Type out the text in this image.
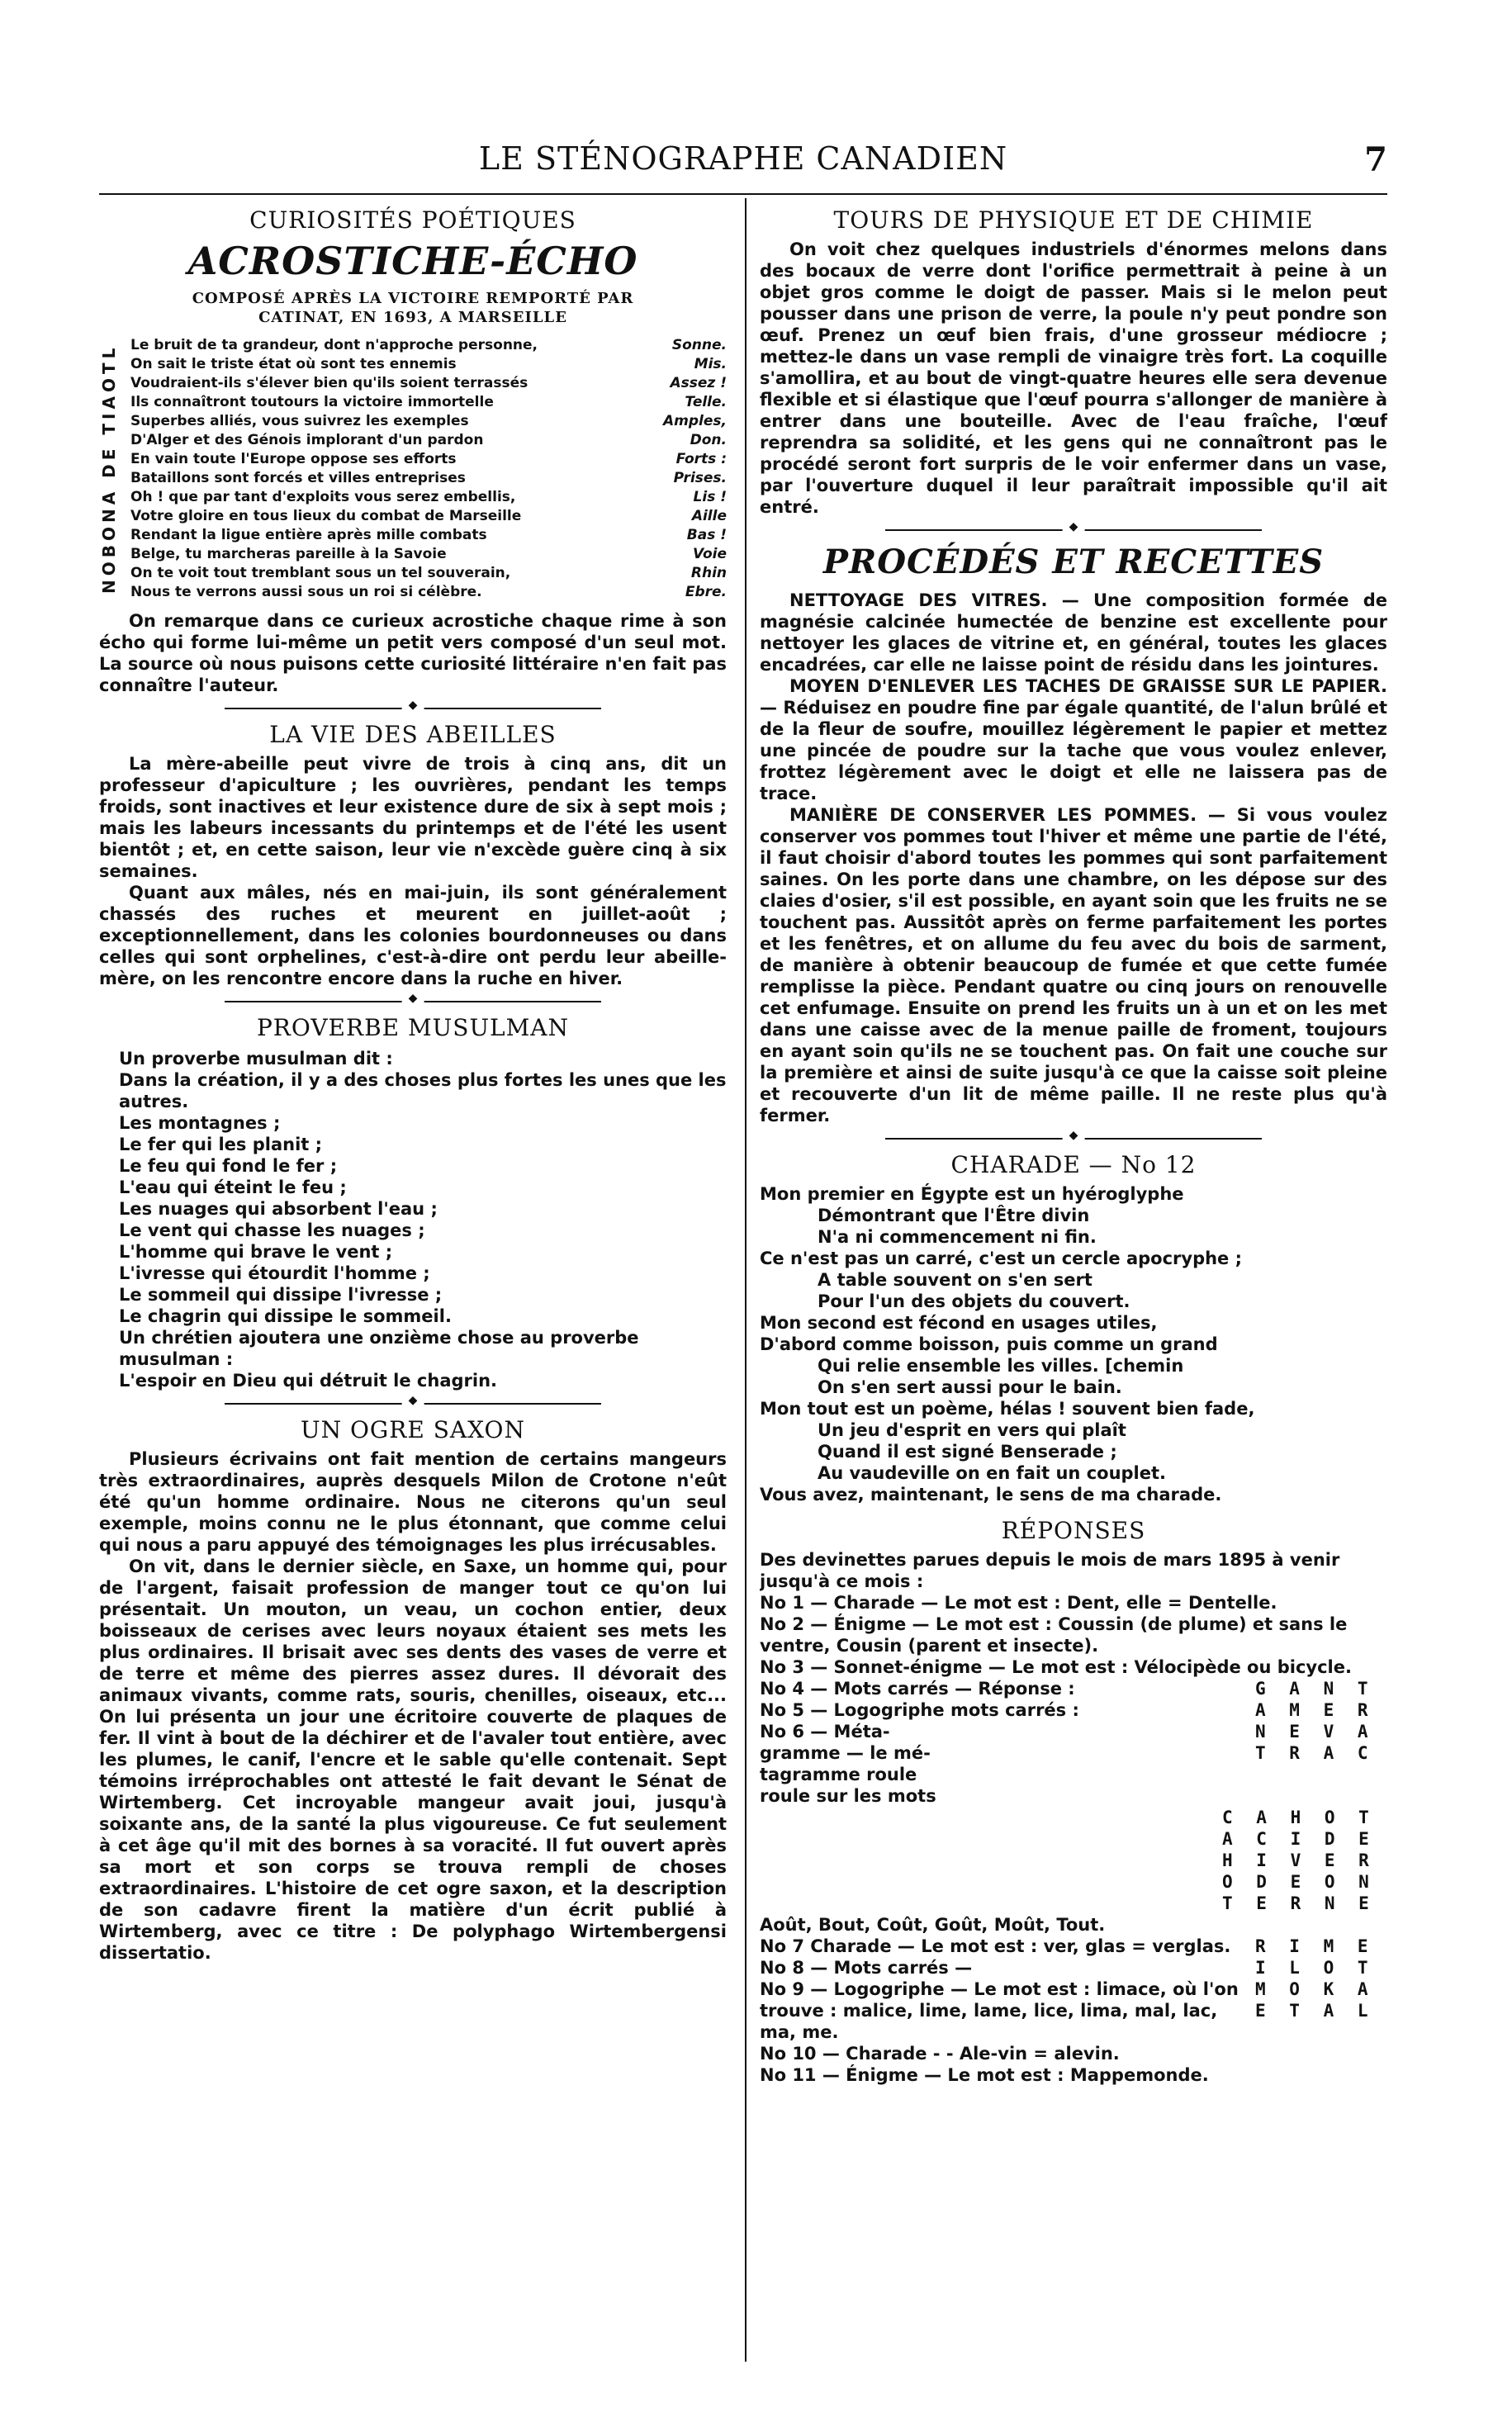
LE STÉNOGRAPHE CANADIEN	7
CURIOSITÉS POÉTIQUES
ACROSTICHE-ÉCHO
COMPOSÉ APRÈS LA VICTOIRE REMPORTÉ PAR
CATINAT, EN 1693, A MARSEILLE
NOBONA DE TIAOTL Le bruit de ta grandeur, dont n'approche personne,	Sonne.
On sait le triste état où sont tes ennemis	Mis.
Voudraient-ils s'élever bien qu'ils soient terrassés	Assez !
Ils connaîtront toutours la victoire immortelle	Telle.
Superbes alliés, vous suivrez les exemples	Amples,
D'Alger et des Génois implorant d'un pardon	Don.
En vain toute l'Europe oppose ses efforts	Forts :
Bataillons sont forcés et villes entreprises	Prises.
Oh ! que par tant d'exploits vous serez embellis,	Lis !
Votre gloire en tous lieux du combat de Marseille	Aille
Rendant la ligue entière après mille combats	Bas !
Belge, tu marcheras pareille à la Savoie	Voie
On te voit tout tremblant sous un tel souverain,	Rhin
Nous te verrons aussi sous un roi si célèbre.	Ebre.

On remarque dans ce curieux acrostiche chaque rime à son écho qui forme lui-même un petit vers composé d'un seul mot. La source où nous puisons cette curiosité littéraire n'en fait pas connaître l'auteur.

◆
LA VIE DES ABEILLES

La mère-abeille peut vivre de trois à cinq ans, dit un professeur d'apiculture ; les ouvrières, pendant les temps froids, sont inactives et leur existence dure de six à sept mois ; mais les labeurs incessants du printemps et de l'été les usent bientôt ; et, en cette saison, leur vie n'excède guère cinq à six semaines.

Quant aux mâles, nés en mai-juin, ils sont généralement chassés des ruches et meurent en juillet-août ; exceptionnellement, dans les colonies bourdonneuses ou dans celles qui sont orphelines, c'est-à-dire ont perdu leur abeille-mère, on les rencontre encore dans la ruche en hiver.

◆
PROVERBE MUSULMAN
Un proverbe musulman dit :
Dans la création, il y a des choses plus fortes les unes que les autres.
Les montagnes ;
Le fer qui les planit ;
Le feu qui fond le fer ;
L'eau qui éteint le feu ;
Les nuages qui absorbent l'eau ;
Le vent qui chasse les nuages ;
L'homme qui brave le vent ;
L'ivresse qui étourdit l'homme ;
Le sommeil qui dissipe l'ivresse ;
Le chagrin qui dissipe le sommeil.
Un chrétien ajoutera une onzième chose au proverbe musulman :
L'espoir en Dieu qui détruit le chagrin.
◆
UN OGRE SAXON

Plusieurs écrivains ont fait mention de certains mangeurs très extraordinaires, auprès desquels Milon de Crotone n'eût été qu'un homme ordinaire. Nous ne citerons qu'un seul exemple, moins connu ne le plus étonnant, que comme celui qui nous a paru appuyé des témoignages les plus irrécusables.

On vit, dans le dernier siècle, en Saxe, un homme qui, pour de l'argent, faisait profession de manger tout ce qu'on lui présentait. Un mouton, un veau, un cochon entier, deux boisseaux de cerises avec leurs noyaux étaient ses mets les plus ordinaires. Il brisait avec ses dents des vases de verre et de terre et même des pierres assez dures. Il dévorait des animaux vivants, comme rats, souris, chenilles, oiseaux, etc... On lui présenta un jour une écritoire couverte de plaques de fer. Il vint à bout de la déchirer et de l'avaler tout entière, avec les plumes, le canif, l'encre et le sable qu'elle contenait. Sept témoins irréprochables ont attesté le fait devant le Sénat de Wirtemberg. Cet incroyable mangeur avait joui, jusqu'à soixante ans, de la santé la plus vigoureuse. Ce fut seulement à cet âge qu'il mit des bornes à sa voracité. Il fut ouvert après sa mort et son corps se trouva rempli de choses extraordinaires. L'histoire de cet ogre saxon, et la description de son cadavre firent la matière d'un écrit publié à Wirtemberg, avec ce titre : De polyphago Wirtembergensi dissertatio.

TOURS DE PHYSIQUE ET DE CHIMIE

On voit chez quelques industriels d'énormes melons dans des bocaux de verre dont l'orifice permettrait à peine à un objet gros comme le doigt de passer. Mais si le melon peut pousser dans une prison de verre, la poule n'y peut pondre son œuf. Prenez un œuf bien frais, d'une grosseur médiocre ; mettez-le dans un vase rempli de vinaigre très fort. La coquille s'amollira, et au bout de vingt-quatre heures elle sera devenue flexible et si élastique que l'œuf pourra s'allonger de manière à entrer dans une bouteille. Avec de l'eau fraîche, l'œuf reprendra sa solidité, et les gens qui ne connaîtront pas le procédé seront fort surpris de le voir enfermer dans un vase, par l'ouverture duquel il leur paraîtrait impossible qu'il ait entré.

◆
PROCÉDÉS ET RECETTES

NETTOYAGE DES VITRES. — Une composition formée de magnésie calcinée humectée de benzine est excellente pour nettoyer les glaces de vitrine et, en général, toutes les glaces encadrées, car elle ne laisse point de résidu dans les jointures.

MOYEN D'ENLEVER LES TACHES DE GRAISSE SUR LE PAPIER. — Réduisez en poudre fine par égale quantité, de l'alun brûlé et de la fleur de soufre, mouillez légèrement le papier et mettez une pincée de poudre sur la tache que vous voulez enlever, frottez légèrement avec le doigt et elle ne laissera pas de trace.

MANIÈRE DE CONSERVER LES POMMES. — Si vous voulez conserver vos pommes tout l'hiver et même une partie de l'été, il faut choisir d'abord toutes les pommes qui sont parfaitement saines. On les porte dans une chambre, on les dépose sur des claies d'osier, s'il est possible, en ayant soin que les fruits ne se touchent pas. Aussitôt après on ferme parfaitement les portes et les fenêtres, et on allume du feu avec du bois de sarment, de manière à obtenir beaucoup de fumée et que cette fumée remplisse la pièce. Pendant quatre ou cinq jours on renouvelle cet enfumage. Ensuite on prend les fruits un à un et on les met dans une caisse avec de la menue paille de froment, toujours en ayant soin qu'ils ne se touchent pas. On fait une couche sur la première et ainsi de suite jusqu'à ce que la caisse soit pleine et recouverte d'un lit de même paille. Il ne reste plus qu'à fermer.

◆
CHARADE — No 12
Mon premier en Égypte est un hyéroglyphe
Démontrant que l'Être divin
N'a ni commencement ni fin.
Ce n'est pas un carré, c'est un cercle apocryphe ;
A table souvent on s'en sert
Pour l'un des objets du couvert.
Mon second est fécond en usages utiles,
D'abord comme boisson, puis comme un grand
Qui relie ensemble les villes. [chemin
On s'en sert aussi pour le bain.
Mon tout est un poème, hélas ! souvent bien fade,
Un jeu d'esprit en vers qui plaît
Quand il est signé Benserade ;
Au vaudeville on en fait un couplet.
Vous avez, maintenant, le sens de ma charade.
RÉPONSES
Des devinettes parues depuis le mois de mars 1895 à venir jusqu'à ce mois :
No 1 — Charade — Le mot est : Dent, elle = Dentelle.
No 2 — Énigme — Le mot est : Coussin (de plume) et sans le ventre, Cousin (parent et insecte).
No 3 — Sonnet-énigme — Le mot est : Vélocipède ou bicycle.
No 4 — Mots carrés — Réponse :
No 5 — Logogriphe mots carrés :
No 6 — Méta-
gramme — le mé-
tagramme roule
roule sur les mots
G A N T
A M E R
N E V A
T R A C
C A H O T
A C I D E
H I V E R
O D E O N
T E R N E
Août, Bout, Coût, Goût, Moût, Tout.
No 7 Charade — Le mot est : ver, glas = verglas.
No 8 — Mots carrés —
No 9 — Logogriphe — Le mot est : limace, où l'on trouve : malice, lime, lame, lice, lima, mal, lac, ma, me.
No 10 — Charade - - Ale-vin = alevin.
No 11 — Énigme — Le mot est : Mappemonde.
R I M E
I L O T
M O K A
E T A L
